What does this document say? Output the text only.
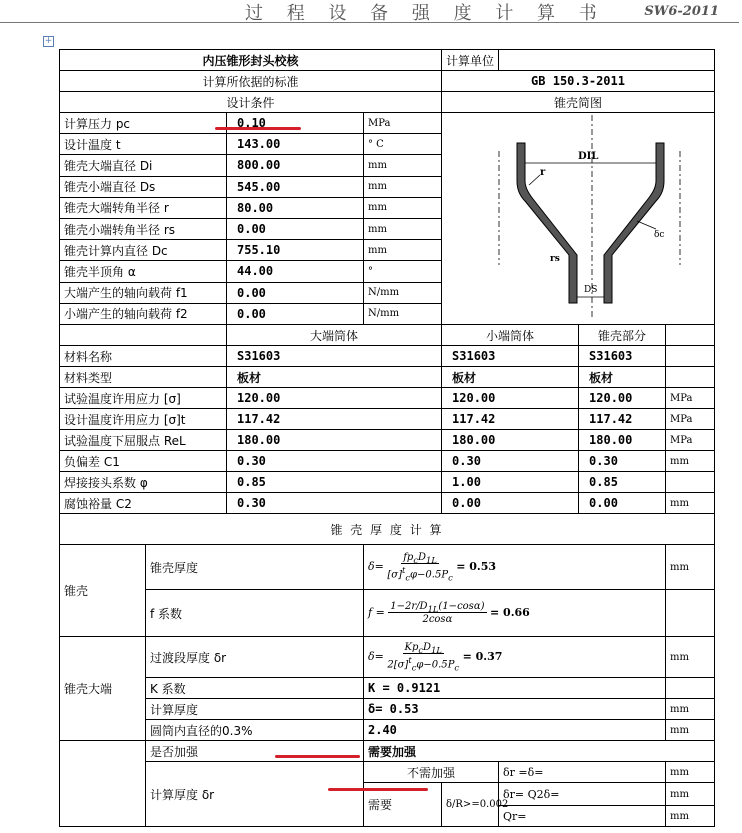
过 程 设 备 强 度 计 算 书	SW6-2011
+
内压锥形封头校核				计算单位			
计算所依据的标准				GB 150.3-2011			
设计条件				锥壳简图			
计算压力 pc		0.10	MPa	DIL
DS
r
rs
δc			

设计温度 t		143.00	° C				
锥壳大端直径 Di		800.00	mm				
锥壳小端直径 Ds		545.00	mm				
锥壳大端转角半径 r		80.00	mm				
锥壳小端转角半径 rs		0.00	mm				
锥壳计算内直径 Dc		755.10	mm				
锥壳半顶角 α		44.00	°				
大端产生的轴向载荷 f1		0.00	N/mm				
小端产生的轴向载荷 f2		0.00	N/mm				
		大端筒体		小端筒体		锥壳部分	
材料名称		S31603		S31603		S31603	
材料类型		板材		板材		板材	
试验温度许用应力 [σ]		120.00		120.00		120.00	MPa
设计温度许用应力 [σ]t		117.42		117.42		117.42	MPa
试验温度下屈服点 ReL		180.00		180.00		180.00	MPa
负偏差 C1		0.30		0.30		0.30	mm
焊接接头系数 φ		0.85		1.00		0.85	
腐蚀裕量 C2		0.30		0.00		0.00	mm
锥 壳 厚 度 计 算							
锥壳	锥壳厚度		$\delta= fp_cD_{1L}$
$[\sigma]^t_c\varphi-0.5P_c = 0.53$				mm
	f 系数		$f = 1-2r/D_{1L}(1-\cos\alpha)$
2cosα = 0.66				
锥壳大端	过渡段厚度 δr		$\delta= Kp_cD_{1L}$
$2[\sigma]^t_c\varphi-0.5P_c = 0.37$				mm
	K 系数		K = 0.9121				
	计算厚度		δ= 0.53				mm
	圆筒内直径的0.3%		2.40				mm
	是否加强		需要加强				
	计算厚度 δr		不需加强		δr =δ=		mm
			需要	δ/R>=0.002	δr= Q2δ=		mm
					Qr=		mm
